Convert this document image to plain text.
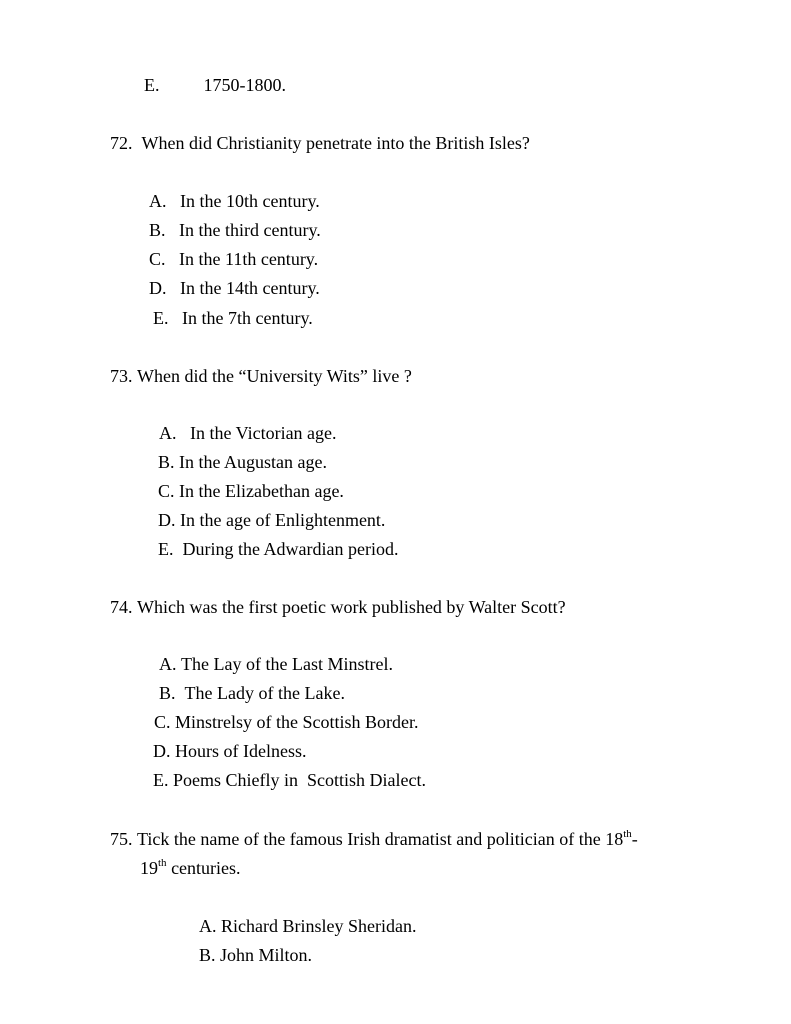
E. 1750-1800.
72. When did Christianity penetrate into the British Isles?
A. In the 10th century.
B. In the third century.
C. In the 11th century.
D. In the 14th century.
E. In the 7th century.
73. When did the “University Wits” live ?
A. In the Victorian age.
B. In the Augustan age.
C. In the Elizabethan age.
D. In the age of Enlightenment.
E. During the Adwardian period.
74. Which was the first poetic work published by Walter Scott?
A. The Lay of the Last Minstrel.
B. The Lady of the Lake.
C. Minstrelsy of the Scottish Border.
D. Hours of Idelness.
E. Poems Chiefly in  Scottish Dialect.
75. Tick the name of the famous Irish dramatist and politician of the 18th-
19th centuries.
A. Richard Brinsley Sheridan.
B. John Milton.
